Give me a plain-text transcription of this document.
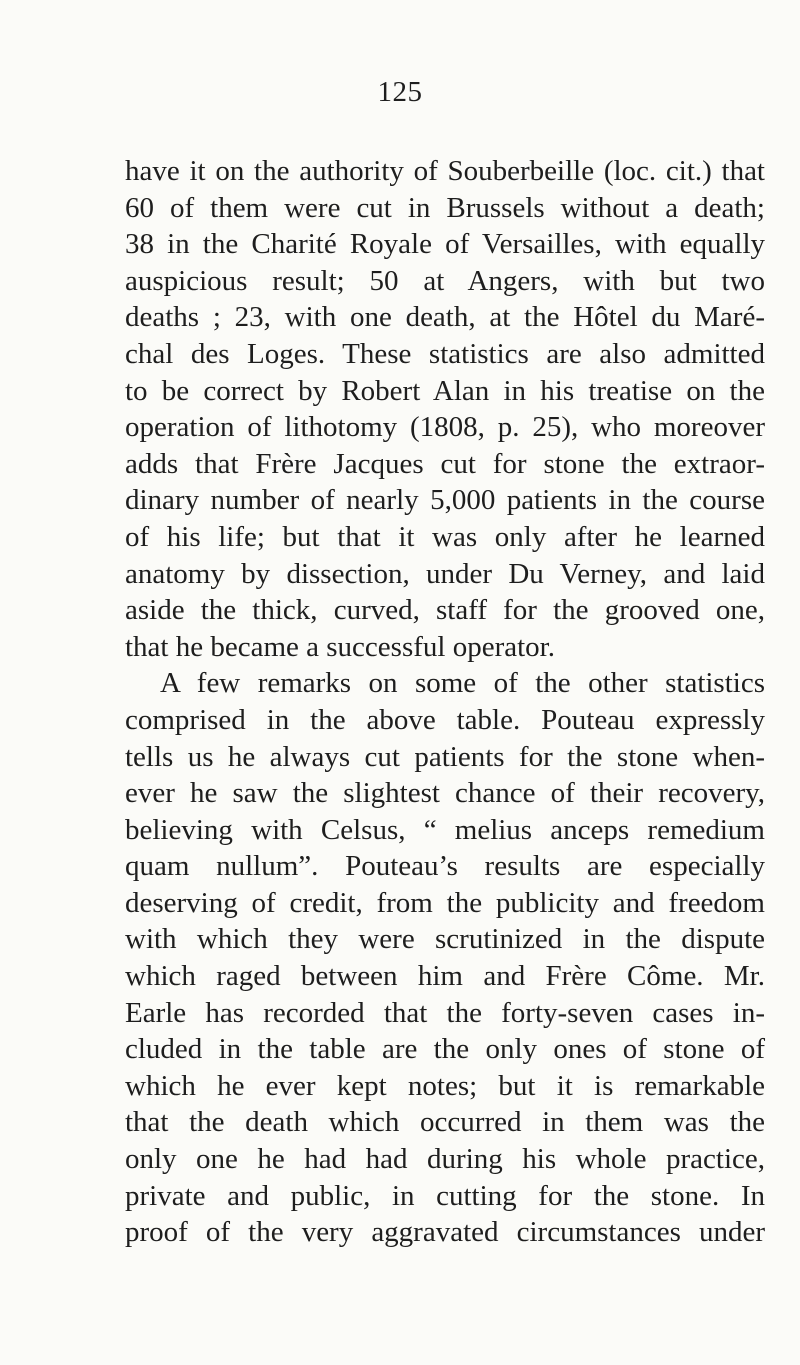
125
have it on the authority of Souberbeille (loc. cit.) that
60 of them were cut in Brussels without a death;
38 in the Charité Royale of Versailles, with equally
auspicious result; 50 at Angers, with but two
deaths ; 23, with one death, at the Hôtel du Maré-
chal des Loges. These statistics are also admitted
to be correct by Robert Alan in his treatise on the
operation of lithotomy (1808, p. 25), who moreover
adds that Frère Jacques cut for stone the extraor-
dinary number of nearly 5,000 patients in the course
of his life; but that it was only after he learned
anatomy by dissection, under Du Verney, and laid
aside the thick, curved, staff for the grooved one,
that he became a successful operator.
A few remarks on some of the other statistics
comprised in the above table. Pouteau expressly
tells us he always cut patients for the stone when-
ever he saw the slightest chance of their recovery,
believing with Celsus, “ melius anceps remedium
quam nullum”. Pouteau’s results are especially
deserving of credit, from the publicity and freedom
with which they were scrutinized in the dispute
which raged between him and Frère Côme. Mr.
Earle has recorded that the forty-seven cases in-
cluded in the table are the only ones of stone of
which he ever kept notes; but it is remarkable
that the death which occurred in them was the
only one he had had during his whole practice,
private and public, in cutting for the stone. In
proof of the very aggravated circumstances under
